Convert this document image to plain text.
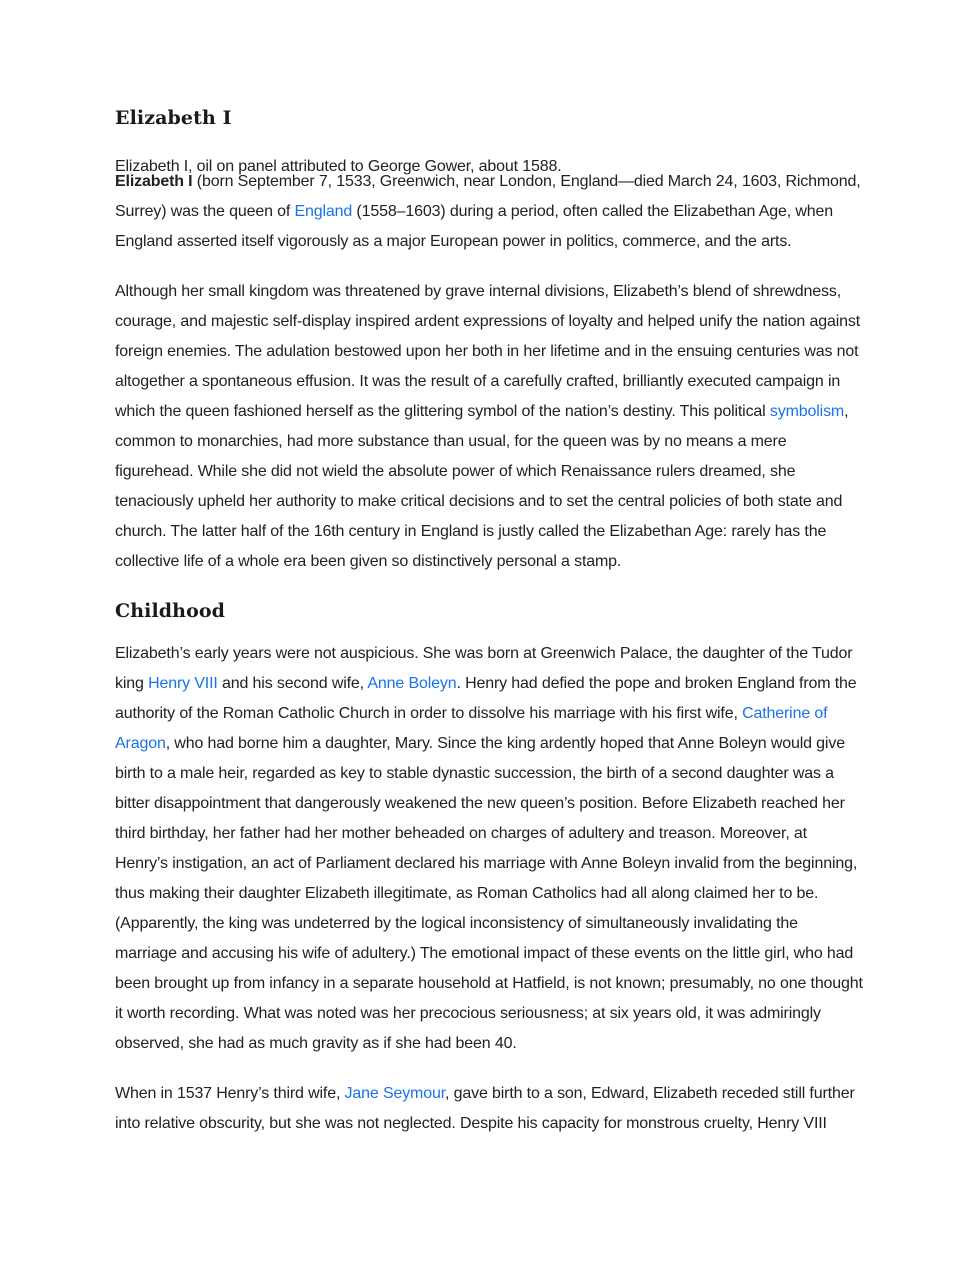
Elizabeth I
Elizabeth I, oil on panel attributed to George Gower, about 1588.
Elizabeth I (born September 7, 1533, Greenwich, near London, England—died March 24, 1603, Richmond, Surrey) was the queen of England (1558–1603) during a period, often called the Elizabethan Age, when England asserted itself vigorously as a major European power in politics, commerce, and the arts.
Although her small kingdom was threatened by grave internal divisions, Elizabeth’s blend of shrewdness, courage, and majestic self-display inspired ardent expressions of loyalty and helped unify the nation against foreign enemies. The adulation bestowed upon her both in her lifetime and in the ensuing centuries was not altogether a spontaneous effusion. It was the result of a carefully crafted, brilliantly executed campaign in which the queen fashioned herself as the glittering symbol of the nation’s destiny. This political symbolism, common to monarchies, had more substance than usual, for the queen was by no means a mere figurehead. While she did not wield the absolute power of which Renaissance rulers dreamed, she tenaciously upheld her authority to make critical decisions and to set the central policies of both state and church. The latter half of the 16th century in England is justly called the Elizabethan Age: rarely has the collective life of a whole era been given so distinctively personal a stamp.
Childhood
Elizabeth’s early years were not auspicious. She was born at Greenwich Palace, the daughter of the Tudor king Henry VIII and his second wife, Anne Boleyn. Henry had defied the pope and broken England from the authority of the Roman Catholic Church in order to dissolve his marriage with his first wife, Catherine of Aragon, who had borne him a daughter, Mary. Since the king ardently hoped that Anne Boleyn would give birth to a male heir, regarded as key to stable dynastic succession, the birth of a second daughter was a bitter disappointment that dangerously weakened the new queen’s position. Before Elizabeth reached her third birthday, her father had her mother beheaded on charges of adultery and treason. Moreover, at Henry’s instigation, an act of Parliament declared his marriage with Anne Boleyn invalid from the beginning, thus making their daughter Elizabeth illegitimate, as Roman Catholics had all along claimed her to be. (Apparently, the king was undeterred by the logical inconsistency of simultaneously invalidating the marriage and accusing his wife of adultery.) The emotional impact of these events on the little girl, who had been brought up from infancy in a separate household at Hatfield, is not known; presumably, no one thought it worth recording. What was noted was her precocious seriousness; at six years old, it was admiringly observed, she had as much gravity as if she had been 40.
When in 1537 Henry’s third wife, Jane Seymour, gave birth to a son, Edward, Elizabeth receded still further into relative obscurity, but she was not neglected. Despite his capacity for monstrous cruelty, Henry VIII
